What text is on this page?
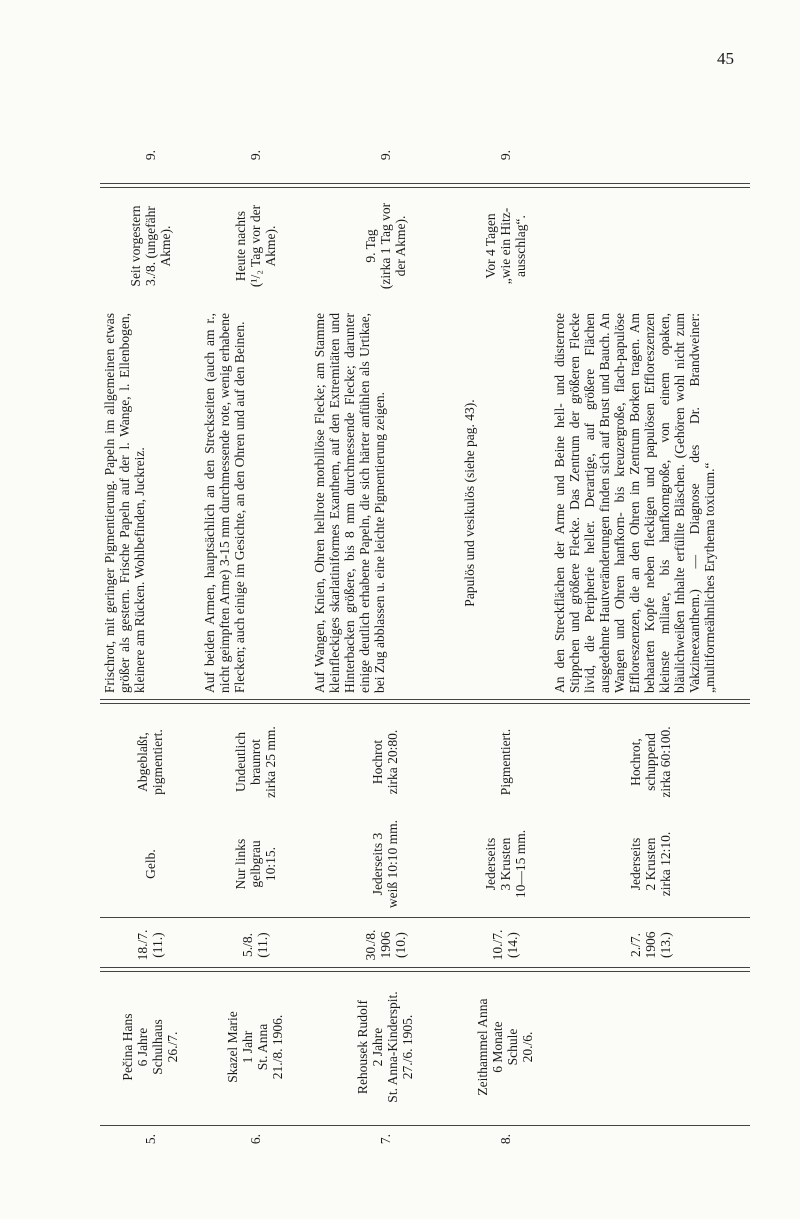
45
5.
Pečina Hans
6 Jahre
Schulhaus
26./7.
18./7.
(11.)
Gelb.
Abgeblaßt,
pigmentiert.
Frischrot, mit geringer Pigmentierung. Papeln im allgemeinen etwas größer als gestern. Frische Papeln auf der l. Wange, l. Ellenbogen, kleinere am Rücken. Wohlbefinden, Juckreiz.
Seit vorgestern
3./8. (ungefähr
Akme).
9.
6.
Skazel Marie
1 Jahr
St. Anna
21./8. 1906.
5./8.
(11.)
Nur links
gelbgrau
10:15.
Undeutlich
braunrot
zirka 25 mm.
Auf beiden Armen, hauptsächlich an den Streckseiten (auch am r., nicht geimpften Arme) 3-15 mm durchmessende rote, wenig erhabene Flecken; auch einige im Gesichte, an den Ohren und auf den Beinen.
Heute nachts
(¹/₂ Tag vor der
Akme).
9.
7.
Rehousek Rudolf
2 Jahre
St. Anna-Kinderspit.
27./6. 1905.
30./8.
1906
(10.)
Jederseits 3
weiß 10:10 mm.
Hochrot
zirka 20:80.
Auf Wangen, Knien, Ohren hellrote morbillöse Flecke; am Stamme kleinfleckiges skarlatiniformes Exanthem, auf den Extremitäten und Hinterbacken größere, bis 8 mm durchmessende Flecke; darunter einige deutlich erhabene Papeln, die sich härter anfühlen als Urtikae, bei Zug abblassen u. eine leichte Pigmentierung zeigen.
9. Tag
(zirka 1 Tag vor
der Akme).
9.
8.
Zeithammel Anna
6 Monate
Schule
20./6.
10./7.
(14.)
Jederseits
3 Krusten
10—15 mm.
Pigmentiert.
Papulös und vesikulös (siehe pag. 43).
Vor 4 Tagen
„wie ein Hitz-
ausschlag“.
9.
2./7.
1906
(13.)
Jederseits
2 Krusten
zirka 12:10.
Hochrot,
schuppend
zirka 60:100.
An den Streckflächen der Arme und Beine hell- und düsterrote Stippchen und größere Flecke. Das Zentrum der größeren Flecke livid, die Peripherie heller. Derartige, auf größere Flächen ausgedehnte Hautveränderungen finden sich auf Brust und Bauch. An Wangen und Ohren hanfkorn- bis kreuzergroße, flach-papulöse Effloreszenzen, die an den Ohren im Zentrum Borken tragen. Am behaarten Kopfe neben fleckigen und papulösen Effloreszenzen kleinste miliare, bis hanfkorngroße, von einem opaken, bläulichweißen Inhalte erfüllte Bläschen. (Gehören wohl nicht zum Vakzineexanthem.) — Diagnose des Dr. Brandweiner: „multiformeähnliches Erythema toxicum.“
